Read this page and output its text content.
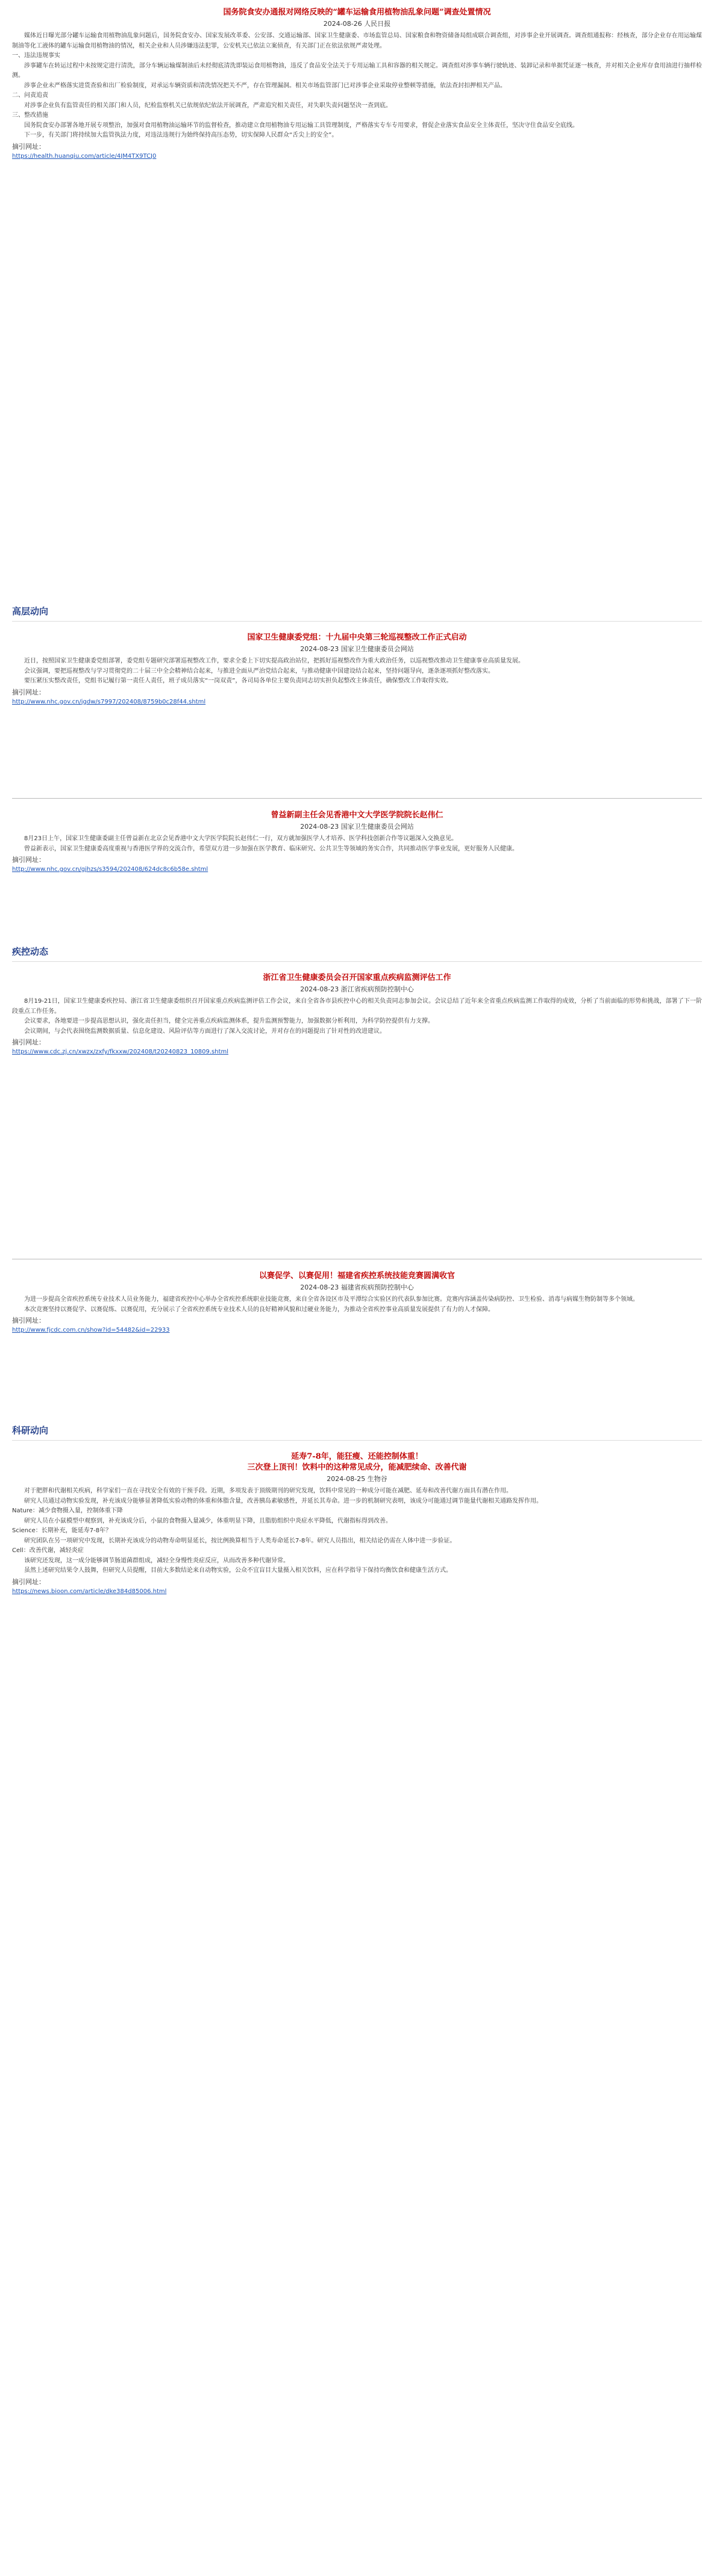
国务院食安办通报对网络反映的“罐车运输食用植物油乱象问题”调查处置情况
2024-08-26 人民日报

媒体近日曝光部分罐车运输食用植物油乱象问题后，国务院食安办、国家发展改革委、公安部、交通运输部、国家卫生健康委、市场监管总局、国家粮食和物资储备局组成联合调查组，对涉事企业开展调查。调查组通报称：经核查，部分企业存在用运输煤制油等化工液体的罐车运输食用植物油的情况，相关企业和人员涉嫌违法犯罪，公安机关已依法立案侦查，有关部门正在依法依规严肃处理。

一、违法违规事实

涉事罐车在转运过程中未按规定进行清洗，部分车辆运输煤制油后未经彻底清洗即装运食用植物油，违反了食品安全法关于专用运输工具和容器的相关规定。调查组对涉事车辆行驶轨迹、装卸记录和单据凭证逐一核查，并对相关企业库存食用油进行抽样检测。

涉事企业未严格落实进货查验和出厂检验制度，对承运车辆资质和清洗情况把关不严，存在管理漏洞。相关市场监管部门已对涉事企业采取停业整顿等措施，依法查封扣押相关产品。

二、问责追责

对涉事企业负有监管责任的相关部门和人员，纪检监察机关已依规依纪依法开展调查，严肃追究相关责任，对失职失责问题坚决一查到底。

三、整改措施

国务院食安办部署各地开展专项整治，加强对食用植物油运输环节的监督检查，推动建立食用植物油专用运输工具管理制度，严格落实专车专用要求，督促企业落实食品安全主体责任，坚决守住食品安全底线。

下一步，有关部门将持续加大监管执法力度，对违法违规行为始终保持高压态势，切实保障人民群众“舌尖上的安全”。

摘引网址：
https://health.huanqiu.com/article/4JM4TX9TCJ0
高层动向
国家卫生健康委党组：十九届中央第三轮巡视整改工作正式启动
2024-08-23 国家卫生健康委员会网站

近日，按照国家卫生健康委党组部署，委党组专题研究部署巡视整改工作，要求全委上下切实提高政治站位，把抓好巡视整改作为重大政治任务，以巡视整改推动卫生健康事业高质量发展。

会议强调，要把巡视整改与学习贯彻党的二十届三中全会精神结合起来，与推进全面从严治党结合起来，与推动健康中国建设结合起来，坚持问题导向，逐条逐项抓好整改落实。

要压紧压实整改责任，党组书记履行第一责任人责任，班子成员落实“一岗双责”，各司局各单位主要负责同志切实担负起整改主体责任，确保整改工作取得实效。

摘引网址：
http://www.nhc.gov.cn/jgdw/s7997/202408/8759b0c28f44.shtml
曾益新副主任会见香港中文大学医学院院长赵伟仁
2024-08-23 国家卫生健康委员会网站

8月23日上午，国家卫生健康委副主任曾益新在北京会见香港中文大学医学院院长赵伟仁一行，双方就加强医学人才培养、医学科技创新合作等议题深入交换意见。

曾益新表示，国家卫生健康委高度重视与香港医学界的交流合作，希望双方进一步加强在医学教育、临床研究、公共卫生等领域的务实合作，共同推动医学事业发展，更好服务人民健康。

摘引网址：
http://www.nhc.gov.cn/gjhzs/s3594/202408/624dc8c6b58e.shtml
疾控动态
浙江省卫生健康委员会召开国家重点疾病监测评估工作
2024-08-23 浙江省疾病预防控制中心

8月19-21日，国家卫生健康委疾控局、浙江省卫生健康委组织召开国家重点疾病监测评估工作会议，来自全省各市县疾控中心的相关负责同志参加会议。会议总结了近年来全省重点疾病监测工作取得的成效，分析了当前面临的形势和挑战，部署了下一阶段重点工作任务。

会议要求，各地要进一步提高思想认识，强化责任担当，健全完善重点疾病监测体系，提升监测预警能力，加强数据分析利用，为科学防控提供有力支撑。

会议期间，与会代表围绕监测数据质量、信息化建设、风险评估等方面进行了深入交流讨论，并对存在的问题提出了针对性的改进建议。

摘引网址：
https://www.cdc.zj.cn/xwzx/zxfy/fkxxw/202408/t20240823_10809.shtml
以赛促学、以赛促用！福建省疾控系统技能竞赛圆满收官
2024-08-23 福建省疾病预防控制中心

为进一步提高全省疾控系统专业技术人员业务能力，福建省疾控中心举办全省疾控系统职业技能竞赛，来自全省各设区市及平潭综合实验区的代表队参加比赛。竞赛内容涵盖传染病防控、卫生检验、消毒与病媒生物防制等多个领域。

本次竞赛坚持以赛促学、以赛促练、以赛促用，充分展示了全省疾控系统专业技术人员的良好精神风貌和过硬业务能力，为推动全省疾控事业高质量发展提供了有力的人才保障。

摘引网址：
http://www.fjcdc.com.cn/show?id=54482&id=22933
科研动向
延寿7-8年，能狂瘦、还能控制体重！
三次登上顶刊！饮料中的这种常见成分，能减肥续命、改善代谢
2024-08-25 生物谷

对于肥胖和代谢相关疾病，科学家们一直在寻找安全有效的干预手段。近期，多项发表于顶级期刊的研究发现，饮料中常见的一种成分可能在减肥、延寿和改善代谢方面具有潜在作用。

研究人员通过动物实验发现，补充该成分能够显著降低实验动物的体重和体脂含量，改善胰岛素敏感性，并延长其寿命。进一步的机制研究表明，该成分可能通过调节能量代谢相关通路发挥作用。

Nature：减少食物摄入量，控制体重下降

研究人员在小鼠模型中观察到，补充该成分后，小鼠的食物摄入量减少，体重明显下降，且脂肪组织中炎症水平降低，代谢指标得到改善。

Science：长期补充，能延寿7-8年？

研究团队在另一项研究中发现，长期补充该成分的动物寿命明显延长，按比例换算相当于人类寿命延长7-8年。研究人员指出，相关结论仍需在人体中进一步验证。

Cell：改善代谢，减轻炎症

该研究还发现，这一成分能够调节肠道菌群组成，减轻全身慢性炎症反应，从而改善多种代谢异常。

虽然上述研究结果令人鼓舞，但研究人员提醒，目前大多数结论来自动物实验，公众不宜盲目大量摄入相关饮料，应在科学指导下保持均衡饮食和健康生活方式。

摘引网址：
https://news.bioon.com/article/dke384d85006.html
